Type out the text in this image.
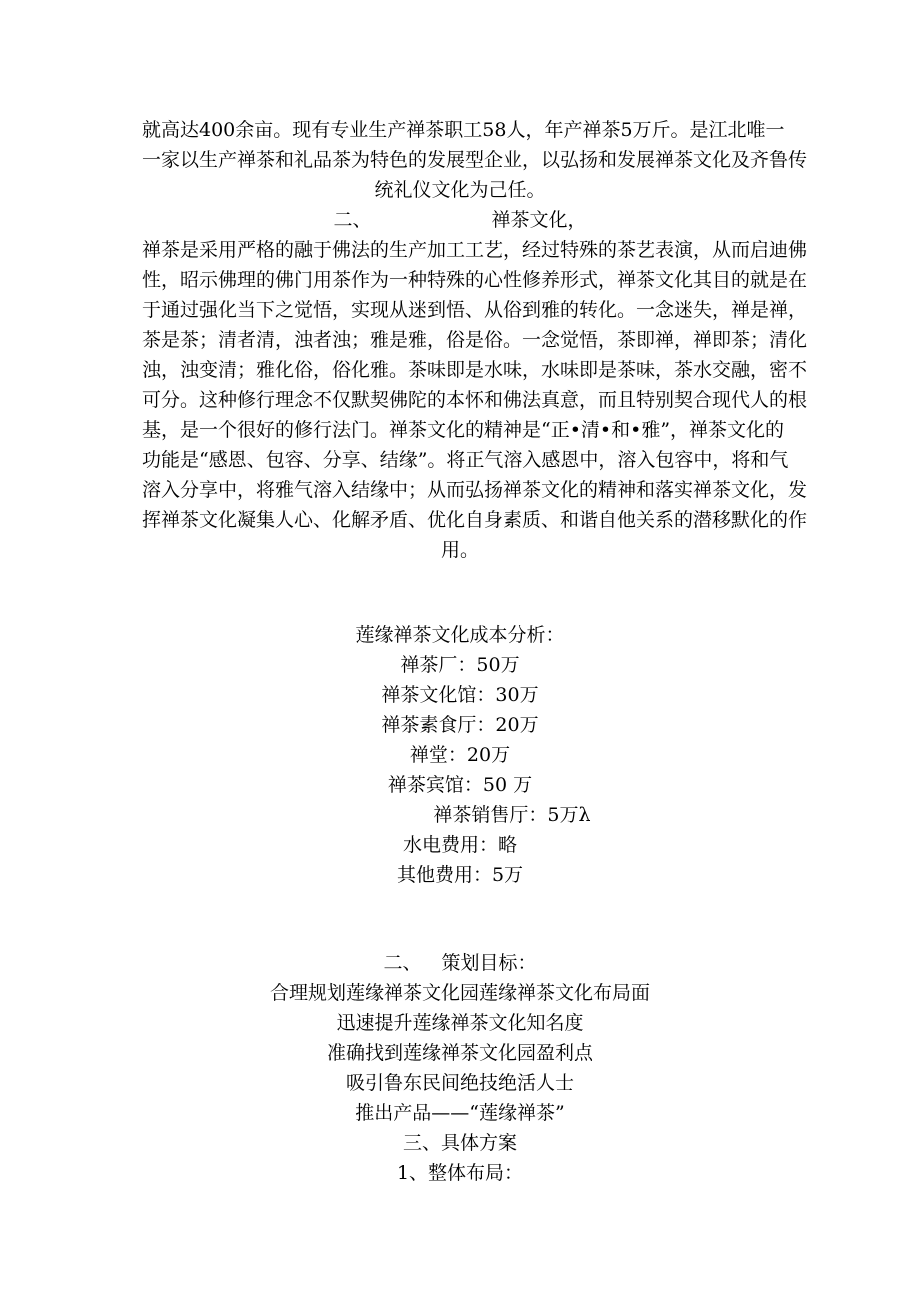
就高达400余亩。现有专业生产禅茶职工58人，年产禅茶5万斤。是江北唯一
一家以生产禅茶和礼品茶为特色的发展型企业，以弘扬和发展禅茶文化及齐鲁传
统礼仪文化为己任。
二、	禅茶文化，
禅茶是采用严格的融于佛法的生产加工工艺，经过特殊的茶艺表演，从而启迪佛
性，昭示佛理的佛门用茶作为一种特殊的心性修养形式，禅茶文化其目的就是在
于通过强化当下之觉悟，实现从迷到悟、从俗到雅的转化。一念迷失，禅是禅，
茶是茶；清者清，浊者浊；雅是雅，俗是俗。一念觉悟，茶即禅，禅即茶；清化
浊，浊变清；雅化俗，俗化雅。茶味即是水味，水味即是茶味，茶水交融，密不
可分。这种修行理念不仅默契佛陀的本怀和佛法真意，而且特别契合现代人的根
基，是一个很好的修行法门。禅茶文化的精神是“正•清•和•雅”，禅茶文化的
功能是“感恩、包容、分享、结缘”。将正气溶入感恩中，溶入包容中，将和气
溶入分享中，将雅气溶入结缘中；从而弘扬禅茶文化的精神和落实禅茶文化，发
挥禅茶文化凝集人心、化解矛盾、优化自身素质、和谐自他关系的潜移默化的作
用。
莲缘禅茶文化成本分析：
禅茶厂：50万
禅茶文化馆：30万
禅茶素食厅：20万
禅堂：20万
禅茶宾馆：50 万
禅茶销售厅：5万λ
水电费用：略
其他费用：5万
二、 策划目标：
合理规划莲缘禅茶文化园莲缘禅茶文化布局面
迅速提升莲缘禅茶文化知名度
准确找到莲缘禅茶文化园盈利点
吸引鲁东民间绝技绝活人士
推出产品——“莲缘禅茶”
三、具体方案
1、整体布局：
